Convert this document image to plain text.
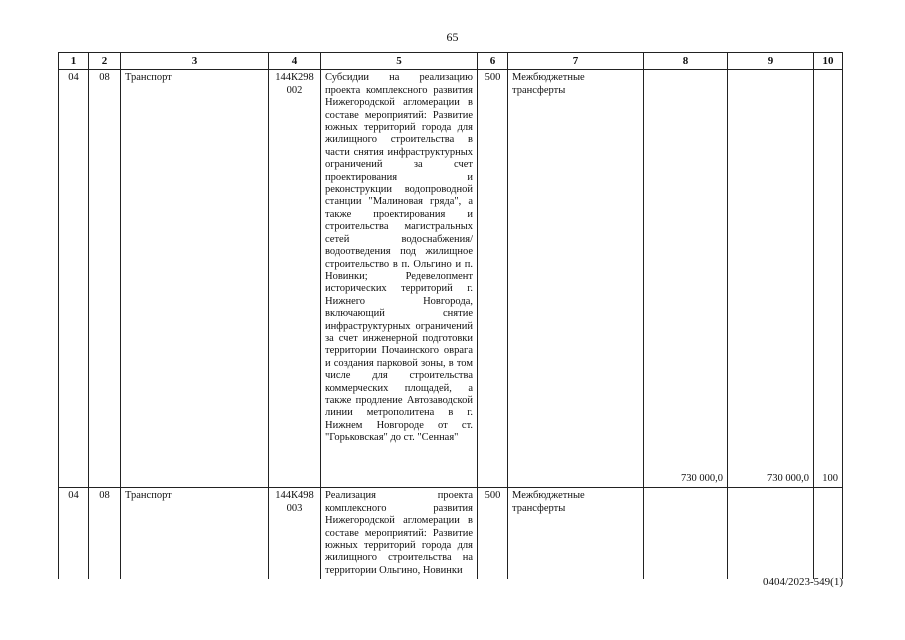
65
1	2	3	4	5	6	7	8	9	10
04	08	Транспорт	144К298 002	Субсидии на реализацию проекта комплексного развития Нижегородской агломерации в составе мероприятий: Развитие южных территорий города для жилищного строительства в части снятия инфраструктурных ограничений за счет проектирования и реконструкции водопроводной станции "Малиновая гряда", а также проектирования и строительства магистральных сетей водоснабжения/водоотведения под жилищное строительство в п. Ольгино и п. Новинки; Редевелопмент исторических территорий г. Нижнего Новгорода, включающий снятие инфраструктурных ограничений за счет инженерной подготовки территории Почаинского оврага и создания парковой зоны, в том числе для строительства коммерческих площадей, а также продление Автозаводской линии метрополитена в г. Нижнем Новгороде от ст. "Горьковская" до ст. "Сенная"	500	Межбюджетные трансферты	730 000,0	730 000,0	100
04	08	Транспорт	144К498 003	Реализация проекта комплексного развития Нижегородской агломерации в составе мероприятий: Развитие южных территорий города для жилищного строительства на территории Ольгино, Новинки	500	Межбюджетные трансферты			
0404/2023-549(1)
